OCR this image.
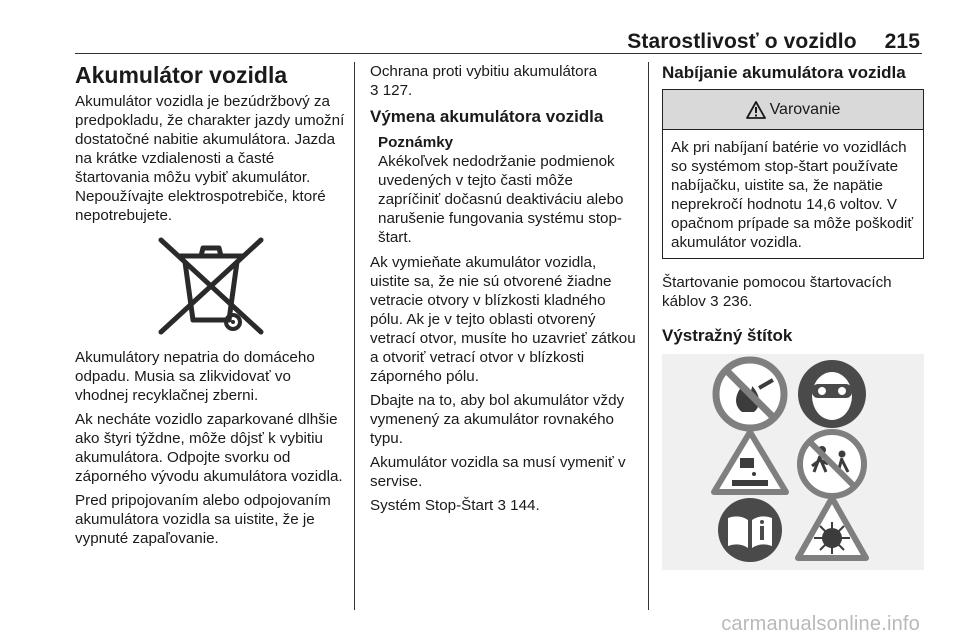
Starostlivosť o vozidlo 215
Akumulátor vozidla

Akumulátor vozidla je bezúdržbový za predpokladu, že charakter jazdy umožní dostatočné nabitie akumulátora. Jazda na krátke vzdialenosti a časté štartovania môžu vybiť akumulátor. Nepoužívajte elektrospotrebiče, ktoré nepotrebujete.

Akumulátory nepatria do domáceho odpadu. Musia sa zlikvidovať vo vhodnej recyklačnej zberni.

Ak necháte vozidlo zaparkované dlhšie ako štyri týždne, môže dôjsť k vybitiu akumulátora. Odpojte svorku od záporného vývodu akumulátora vozidla.

Pred pripojovaním alebo odpojovaním akumulátora vozidla sa uistite, že je vypnuté zapaľovanie.

Ochrana proti vybitiu akumulátora
3 127.

Výmena akumulátora vozidla
Poznámky

Akékoľvek nedodržanie podmienok uvedených v tejto časti môže zapríčiniť dočasnú deaktiváciu alebo narušenie fungovania systému stop-štart.

Ak vymieňate akumulátor vozidla, uistite sa, že nie sú otvorené žiadne vetracie otvory v blízkosti kladného pólu. Ak je v tejto oblasti otvorený vetrací otvor, musíte ho uzavrieť zátkou a otvoriť vetrací otvor v blízkosti záporného pólu.

Dbajte na to, aby bol akumulátor vždy vymenený za akumulátor rovnakého typu.

Akumulátor vozidla sa musí vymeniť v servise.

Systém Stop-Štart 3 144.

Nabíjanie akumulátora vozidla
Varovanie

Ak pri nabíjaní batérie vo vozidlách so systémom stop-štart používate nabíjačku, uistite sa, že napätie neprekročí hodnotu 14,6 voltov. V opačnom prípade sa môže poškodiť akumulátor vozidla.

Štartovanie pomocou štartovacích káblov 3 236.

Výstražný štítok
carmanualsonline.info
